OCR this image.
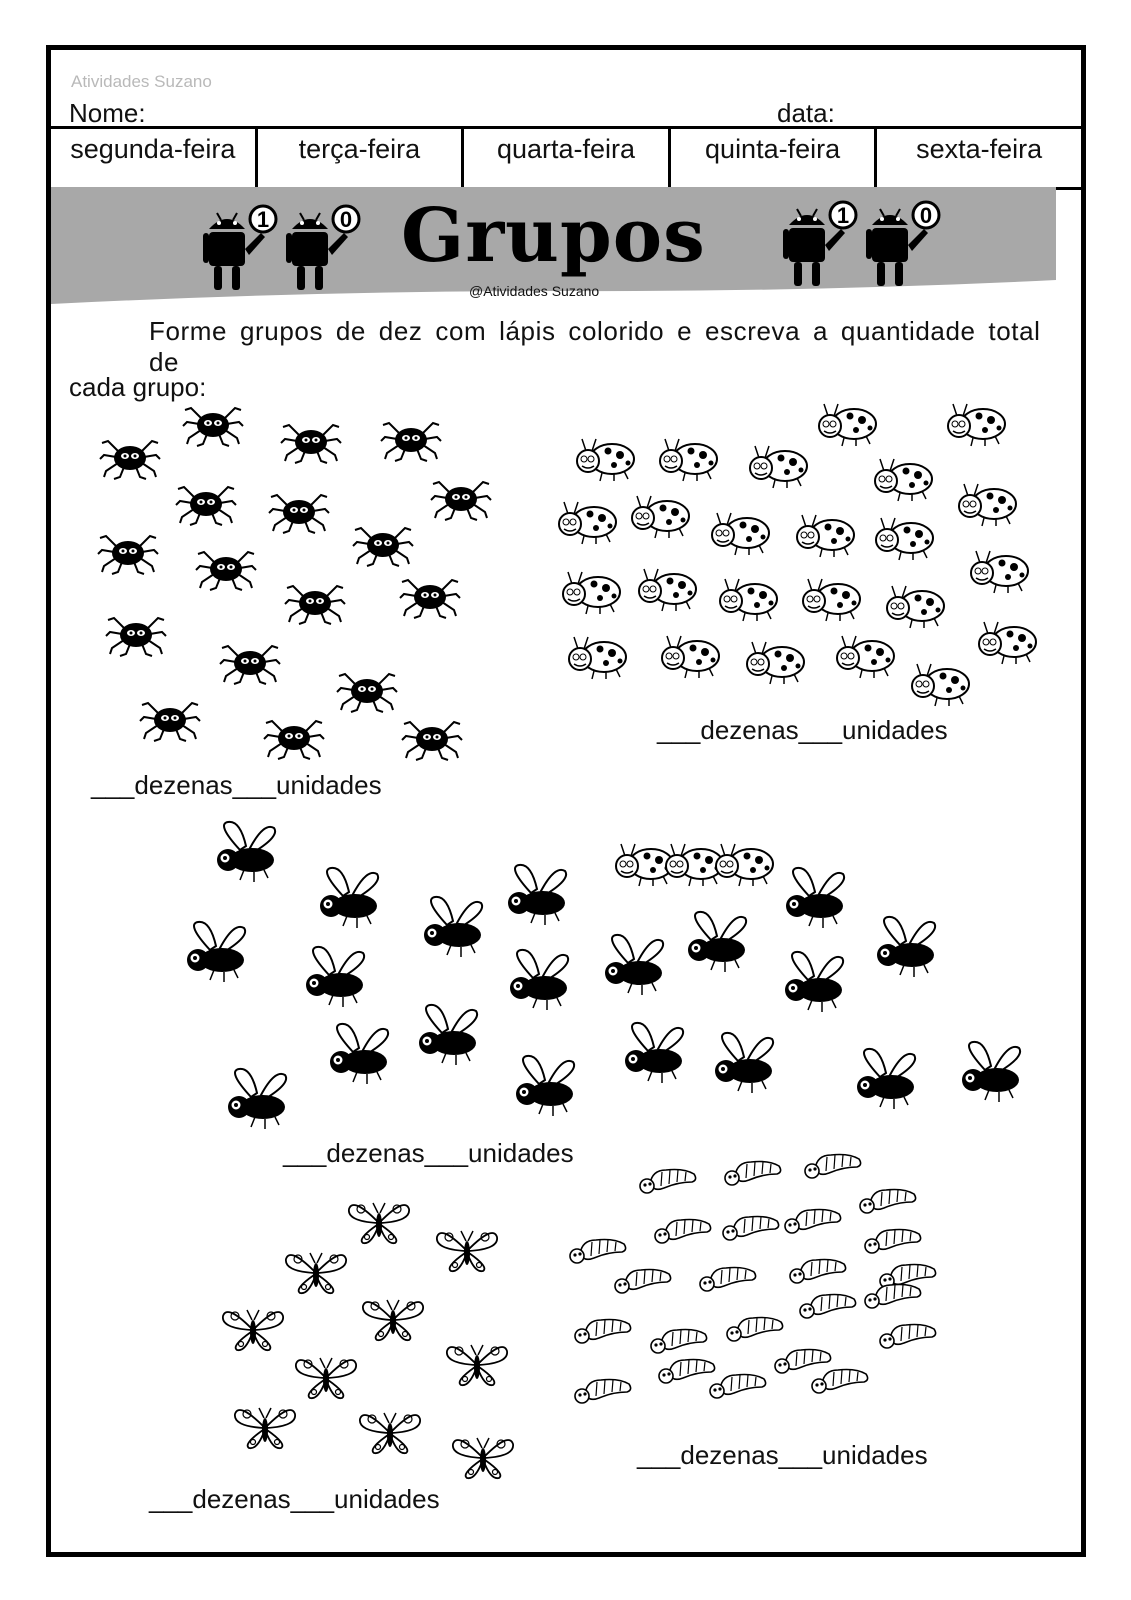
Atividades Suzano
Nome:	data:
segunda-feira	terça-feira	quarta-feira	quinta-feira	sexta-feira
1	0 Grupos
@Atividades Suzano
1	0
Forme grupos de dez com lápis colorido e escreva a quantidade total de
cada grupo:
___dezenas___unidades
___dezenas___unidades
___dezenas___unidades
___dezenas___unidades
___dezenas___unidades
